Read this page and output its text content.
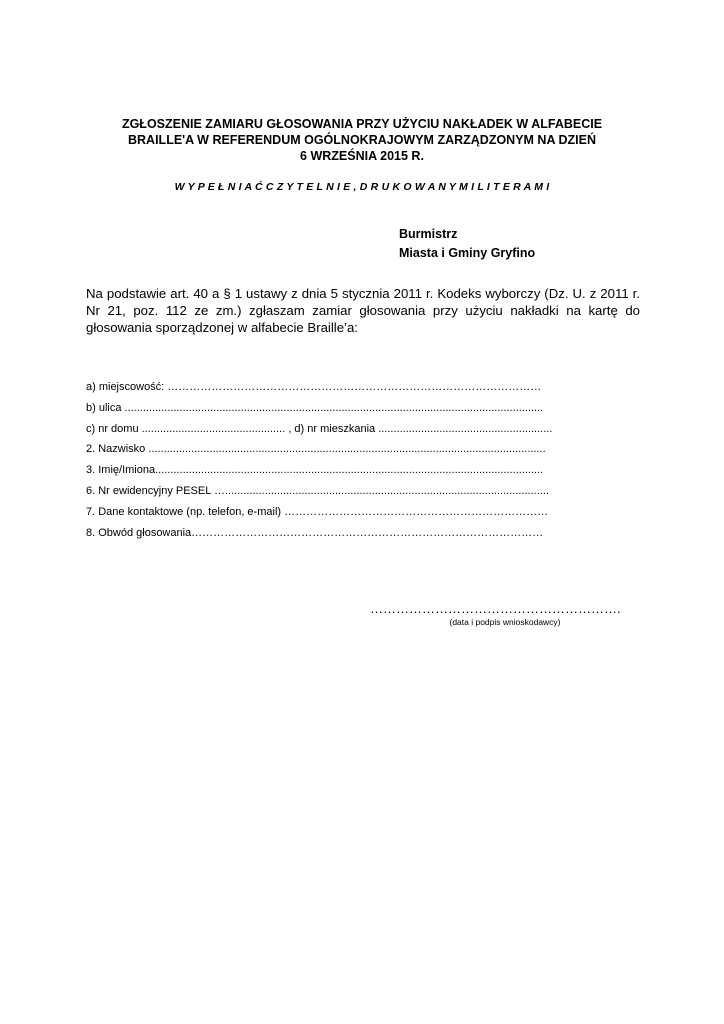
ZGŁOSZENIE ZAMIARU GŁOSOWANIA PRZY UŻYCIU NAKŁADEK W ALFABECIE
BRAILLE'A W REFERENDUM OGÓLNOKRAJOWYM ZARZĄDZONYM NA DZIEŃ
6 WRZEŚNIA 2015 R.
W Y P E Ł N I A Ć C Z Y T E L N I E , D R U K O W A N Y M I L I T E R A M I
Burmistrz
Miasta i Gminy Gryfino
Na podstawie art. 40 a § 1 ustawy z dnia 5 stycznia 2011 r. Kodeks wyborczy (Dz. U. z 2011 r. Nr 21, poz. 112 ze zm.) zgłaszam zamiar głosowania przy użyciu nakładki na kartę do głosowania sporządzonej w alfabecie Braille’a:
a) miejscowość: …………………………………………………………………………………………
b) ulica .........................................................................................................................................
c) nr domu ............................................... , d) nr mieszkania .........................................................
2. Nazwisko ..................................................................................................................................
3. Imię/Imiona...............................................................................................................................
6. Nr ewidencyjny PESEL …..........................................................................................................
7. Dane kontaktowe (np. telefon, e-mail) ………………………………………………………………
8. Obwód głosowania……………………………………………………………………………………
………………………………………………….
(data i podpis wnioskodawcy)
